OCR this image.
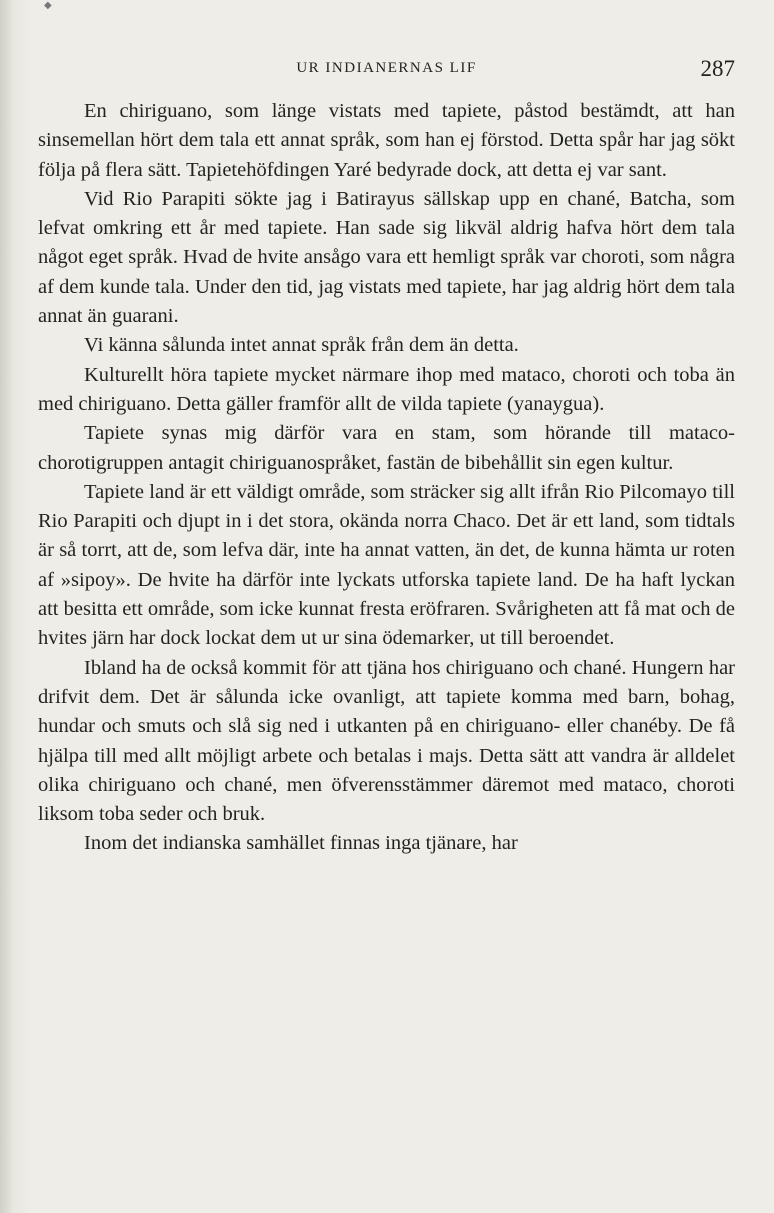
◆
UR INDIANERNAS LIF	287

En chiriguano, som länge vistats med tapiete, påstod bestämdt, att han sinsemellan hört dem tala ett annat språk, som han ej förstod. Detta spår har jag sökt följa på flera sätt. Tapietehöfdingen Yaré bedyrade dock, att detta ej var sant.

Vid Rio Parapiti sökte jag i Batirayus sällskap upp en chané, Batcha, som lefvat omkring ett år med tapiete. Han sade sig likväl aldrig hafva hört dem tala något eget språk. Hvad de hvite ansågo vara ett hemligt språk var choroti, som några af dem kunde tala. Under den tid, jag vistats med tapiete, har jag aldrig hört dem tala annat än guarani.

Vi känna sålunda intet annat språk från dem än detta.

Kulturellt höra tapiete mycket närmare ihop med mataco, choroti och toba än med chiriguano. Detta gäller framför allt de vilda tapiete (yanaygua).

Tapiete synas mig därför vara en stam, som hörande till mataco-chorotigruppen antagit chiriguanospråket, fastän de bibehållit sin egen kultur.

Tapiete land är ett väldigt område, som sträcker sig allt ifrån Rio Pilcomayo till Rio Parapiti och djupt in i det stora, okända norra Chaco. Det är ett land, som tidtals är så torrt, att de, som lefva där, inte ha annat vatten, än det, de kunna hämta ur roten af »sipoy». De hvite ha därför inte lyckats utforska tapiete land. De ha haft lyckan att besitta ett område, som icke kunnat fresta eröfraren. Svårigheten att få mat och de hvites järn har dock lockat dem ut ur sina ödemarker, ut till beroendet.

Ibland ha de också kommit för att tjäna hos chiriguano och chané. Hungern har drifvit dem. Det är sålunda icke ovanligt, att tapiete komma med barn, bohag, hundar och smuts och slå sig ned i utkanten på en chiriguano- eller chanéby. De få hjälpa till med allt möjligt arbete och betalas i majs. Detta sätt att vandra är alldelet olika chiriguano och chané, men öfverensstämmer däremot med mataco, choroti liksom toba seder och bruk.

Inom det indianska samhället finnas inga tjänare, har
